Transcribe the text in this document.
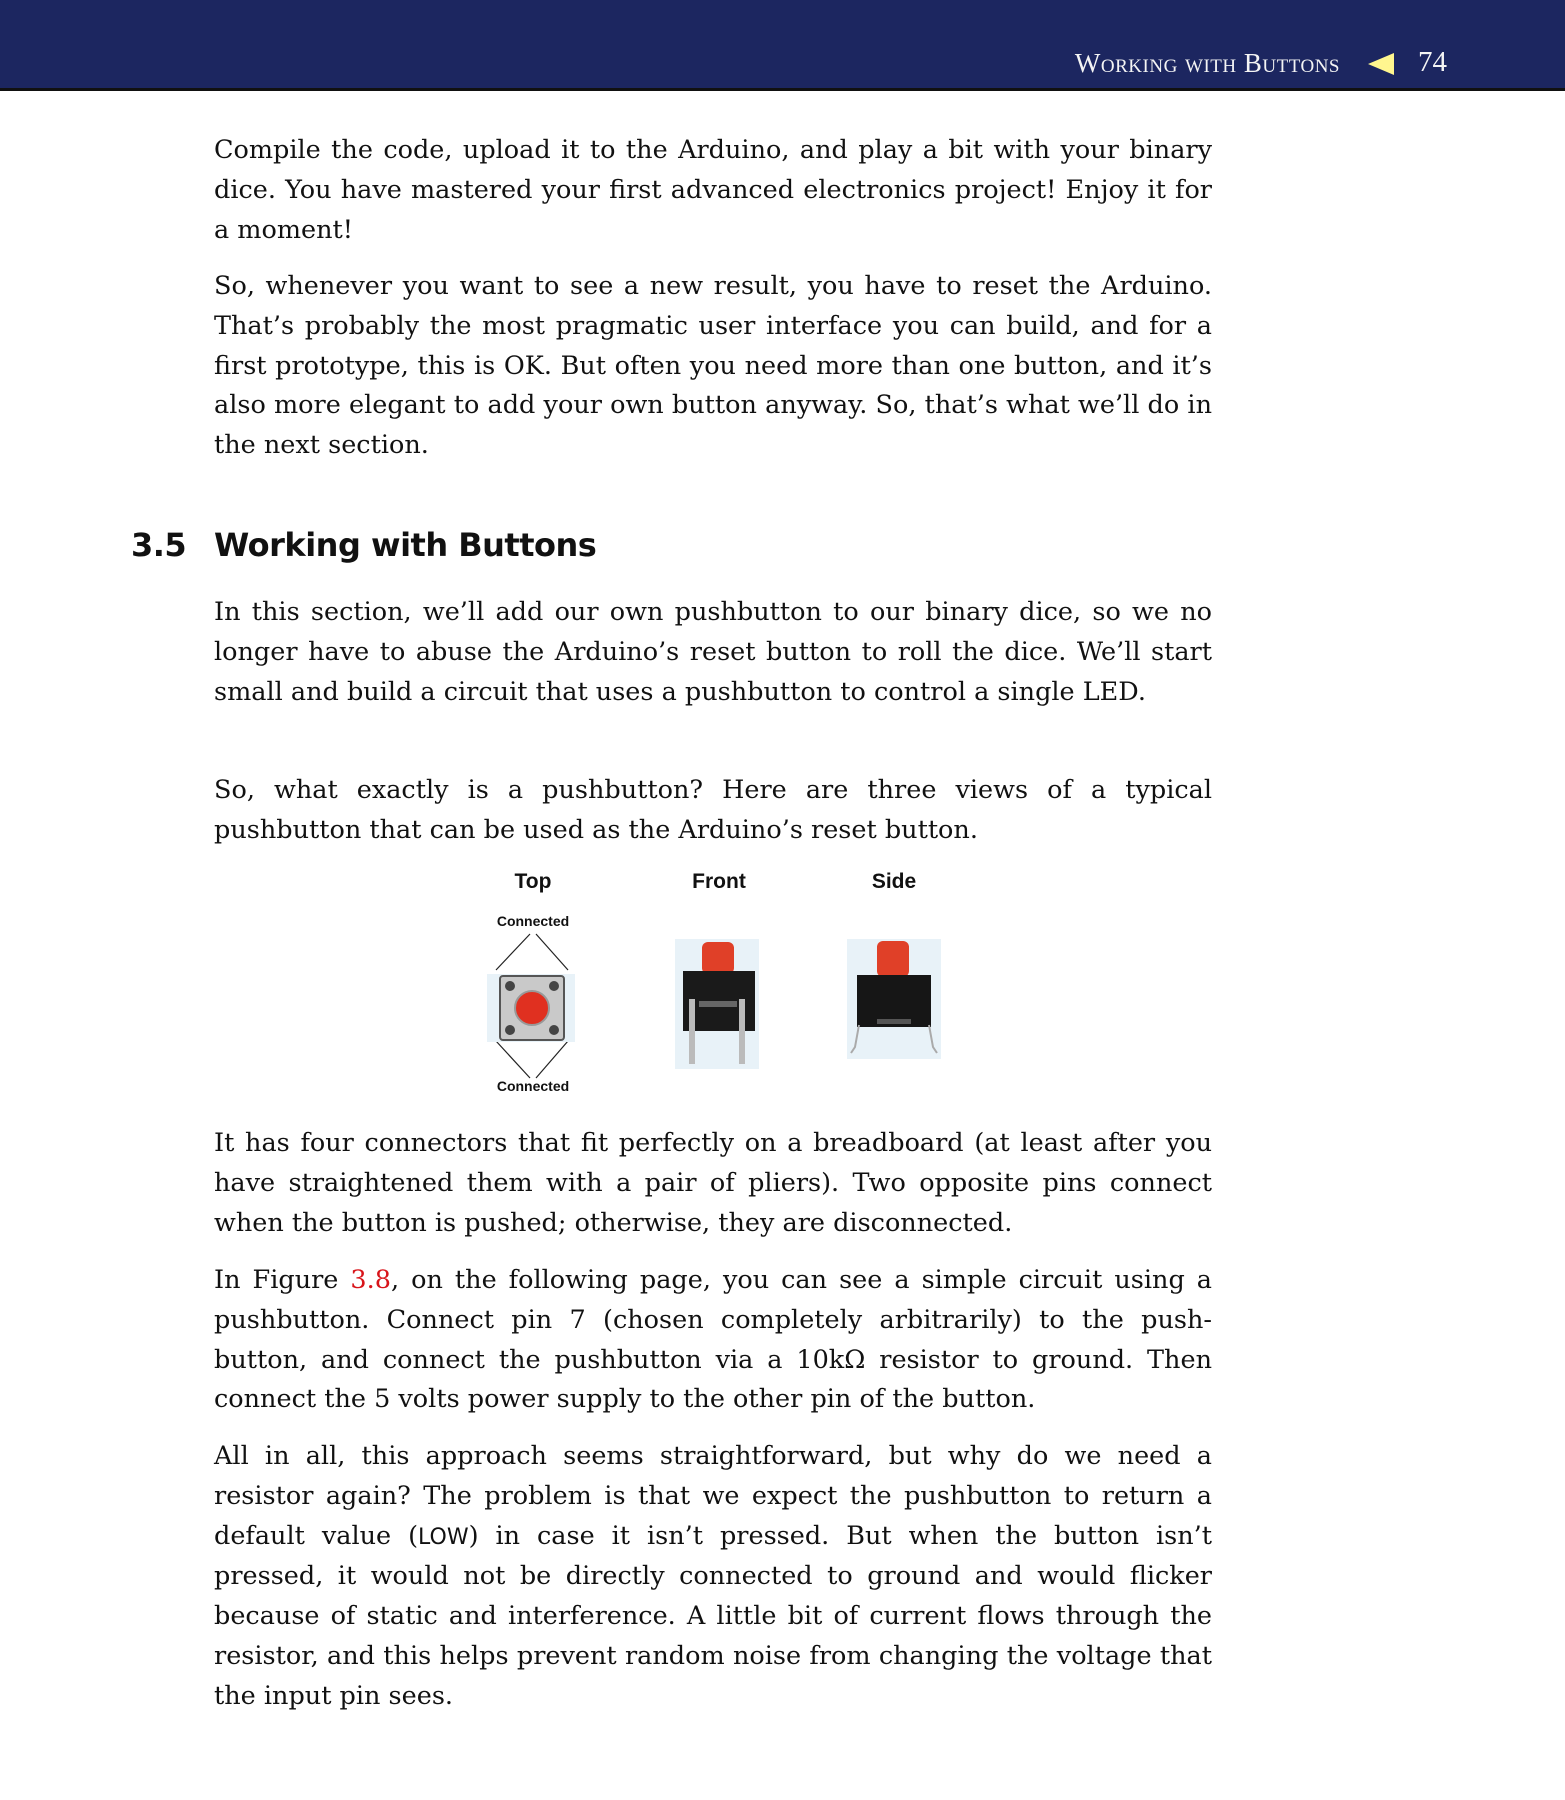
Working with Buttons	74

Compile the code, upload it to the Arduino, and play a bit with your binary dice. You have mastered your first advanced electronics project! Enjoy it for a moment!

So, whenever you want to see a new result, you have to reset the Arduino. That’s probably the most pragmatic user interface you can build, and for a first prototype, this is OK. But often you need more than one button, and it’s also more elegant to add your own button anyway. So, that’s what we’ll do in the next section.

3.5 Working with Buttons

In this section, we’ll add our own pushbutton to our binary dice, so we no longer have to abuse the Arduino’s reset button to roll the dice. We’ll start small and build a circuit that uses a pushbutton to control a single LED.

So, what exactly is a pushbutton? Here are three views of a typical pushbutton that can be used as the Arduino’s reset button.

Top	Front	Side
Connected
Connected

It has four connectors that fit perfectly on a breadboard (at least after you have straightened them with a pair of pliers). Two opposite pins connect when the button is pushed; otherwise, they are disconnected.

In Figure 3.8, on the following page, you can see a simple circuit using a pushbutton. Connect pin 7 (chosen completely arbitrarily) to the push-button, and connect the pushbutton via a 10kΩ resistor to ground. Then connect the 5 volts power supply to the other pin of the button.

All in all, this approach seems straightforward, but why do we need a resistor again? The problem is that we expect the pushbutton to return a default value (LOW) in case it isn’t pressed. But when the button isn’t pressed, it would not be directly connected to ground and would flicker because of static and interference. A little bit of current flows through the resistor, and this helps prevent random noise from changing the voltage that the input pin sees.
